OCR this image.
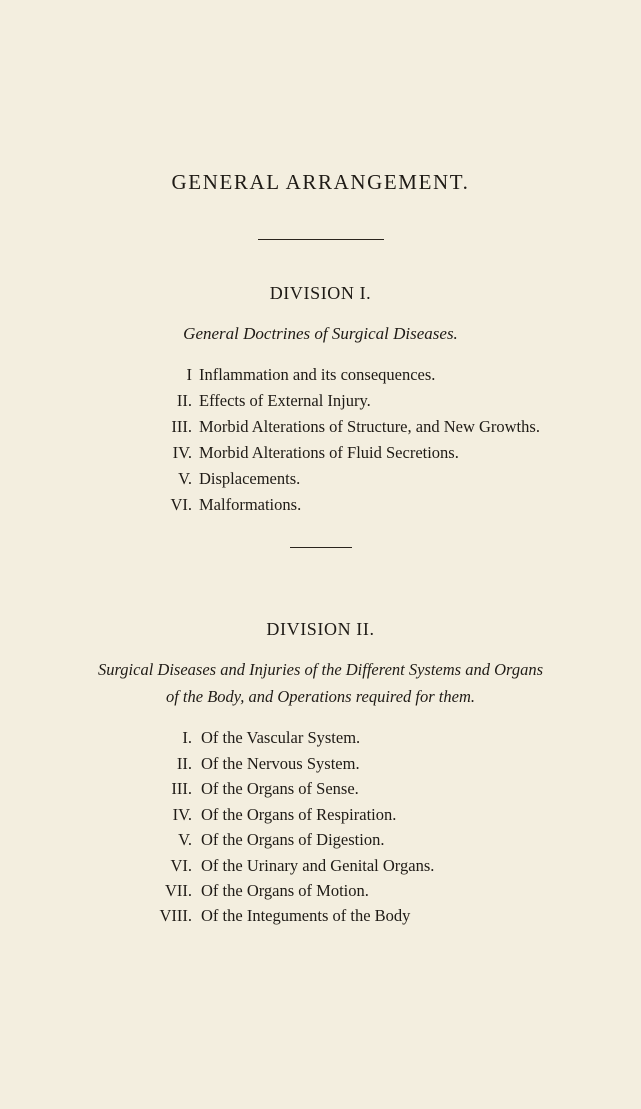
GENERAL ARRANGEMENT.
DIVISION I.
General Doctrines of Surgical Diseases.
I Inflammation and its consequences.
II. Effects of External Injury.
III. Morbid Alterations of Structure, and New Growths.
IV. Morbid Alterations of Fluid Secretions.
V. Displacements.
VI. Malformations.
DIVISION II.
Surgical Diseases and Injuries of the Different Systems and Organs
of the Body, and Operations required for them.
I. Of the Vascular System.
II. Of the Nervous System.
III. Of the Organs of Sense.
IV. Of the Organs of Respiration.
V. Of the Organs of Digestion.
VI. Of the Urinary and Genital Organs.
VII. Of the Organs of Motion.
VIII. Of the Integuments of the Body
